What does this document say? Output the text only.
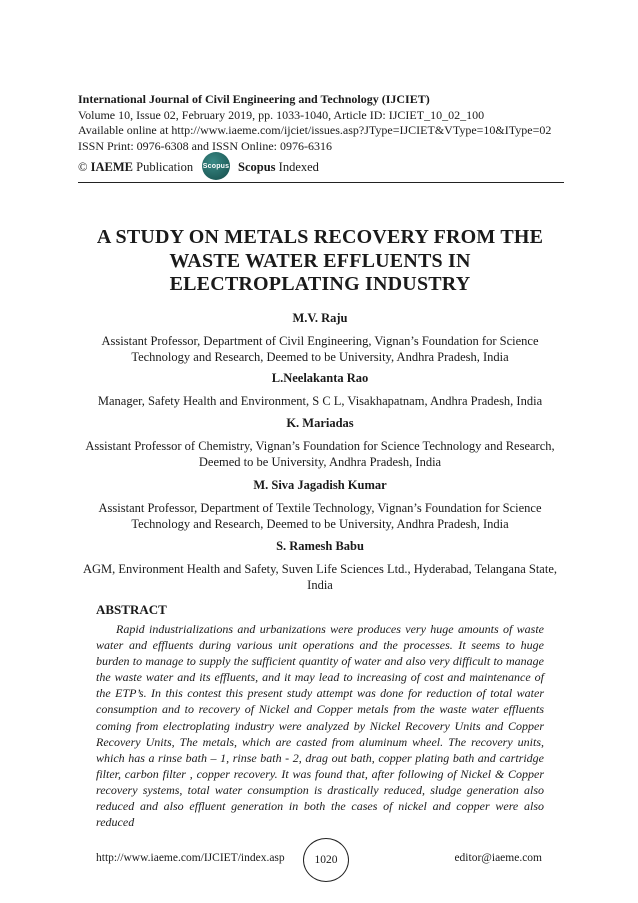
International Journal of Civil Engineering and Technology (IJCIET)
Volume 10, Issue 02, February 2019, pp. 1033-1040, Article ID: IJCIET_10_02_100
Available online at http://www.iaeme.com/ijciet/issues.asp?JType=IJCIET&VType=10&IType=02
ISSN Print: 0976-6308 and ISSN Online: 0976-6316
© IAEME Publication Scopus Scopus Indexed
A STUDY ON METALS RECOVERY FROM THE
WASTE WATER EFFLUENTS IN
ELECTROPLATING INDUSTRY
M.V. Raju
Assistant Professor, Department of Civil Engineering, Vignan’s Foundation for Science Technology and Research, Deemed to be University, Andhra Pradesh, India
L.Neelakanta Rao
Manager, Safety Health and Environment, S C L, Visakhapatnam, Andhra Pradesh, India
K. Mariadas
Assistant Professor of Chemistry, Vignan’s Foundation for Science Technology and Research, Deemed to be University, Andhra Pradesh, India
M. Siva Jagadish Kumar
Assistant Professor, Department of Textile Technology, Vignan’s Foundation for Science Technology and Research, Deemed to be University, Andhra Pradesh, India
S. Ramesh Babu
AGM, Environment Health and Safety, Suven Life Sciences Ltd., Hyderabad, Telangana State, India
ABSTRACT
Rapid industrializations and urbanizations were produces very huge amounts of waste water and effluents during various unit operations and the processes. It seems to huge burden to manage to supply the sufficient quantity of water and also very difficult to manage the waste water and its effluents, and it may lead to increasing of cost and maintenance of the ETP’s. In this contest this present study attempt was done for reduction of total water consumption and to recovery of Nickel and Copper metals from the waste water effluents coming from electroplating industry were analyzed by Nickel Recovery Units and Copper Recovery Units, The metals, which are casted from aluminum wheel. The recovery units, which has a rinse bath – 1, rinse bath - 2, drag out bath, copper plating bath and cartridge filter, carbon filter , copper recovery. It was found that, after following of Nickel & Copper recovery systems, total water consumption is drastically reduced, sludge generation also reduced and also effluent generation in both the cases of nickel and copper were also reduced
http://www.iaeme.com/IJCIET/index.asp	1020	editor@iaeme.com
